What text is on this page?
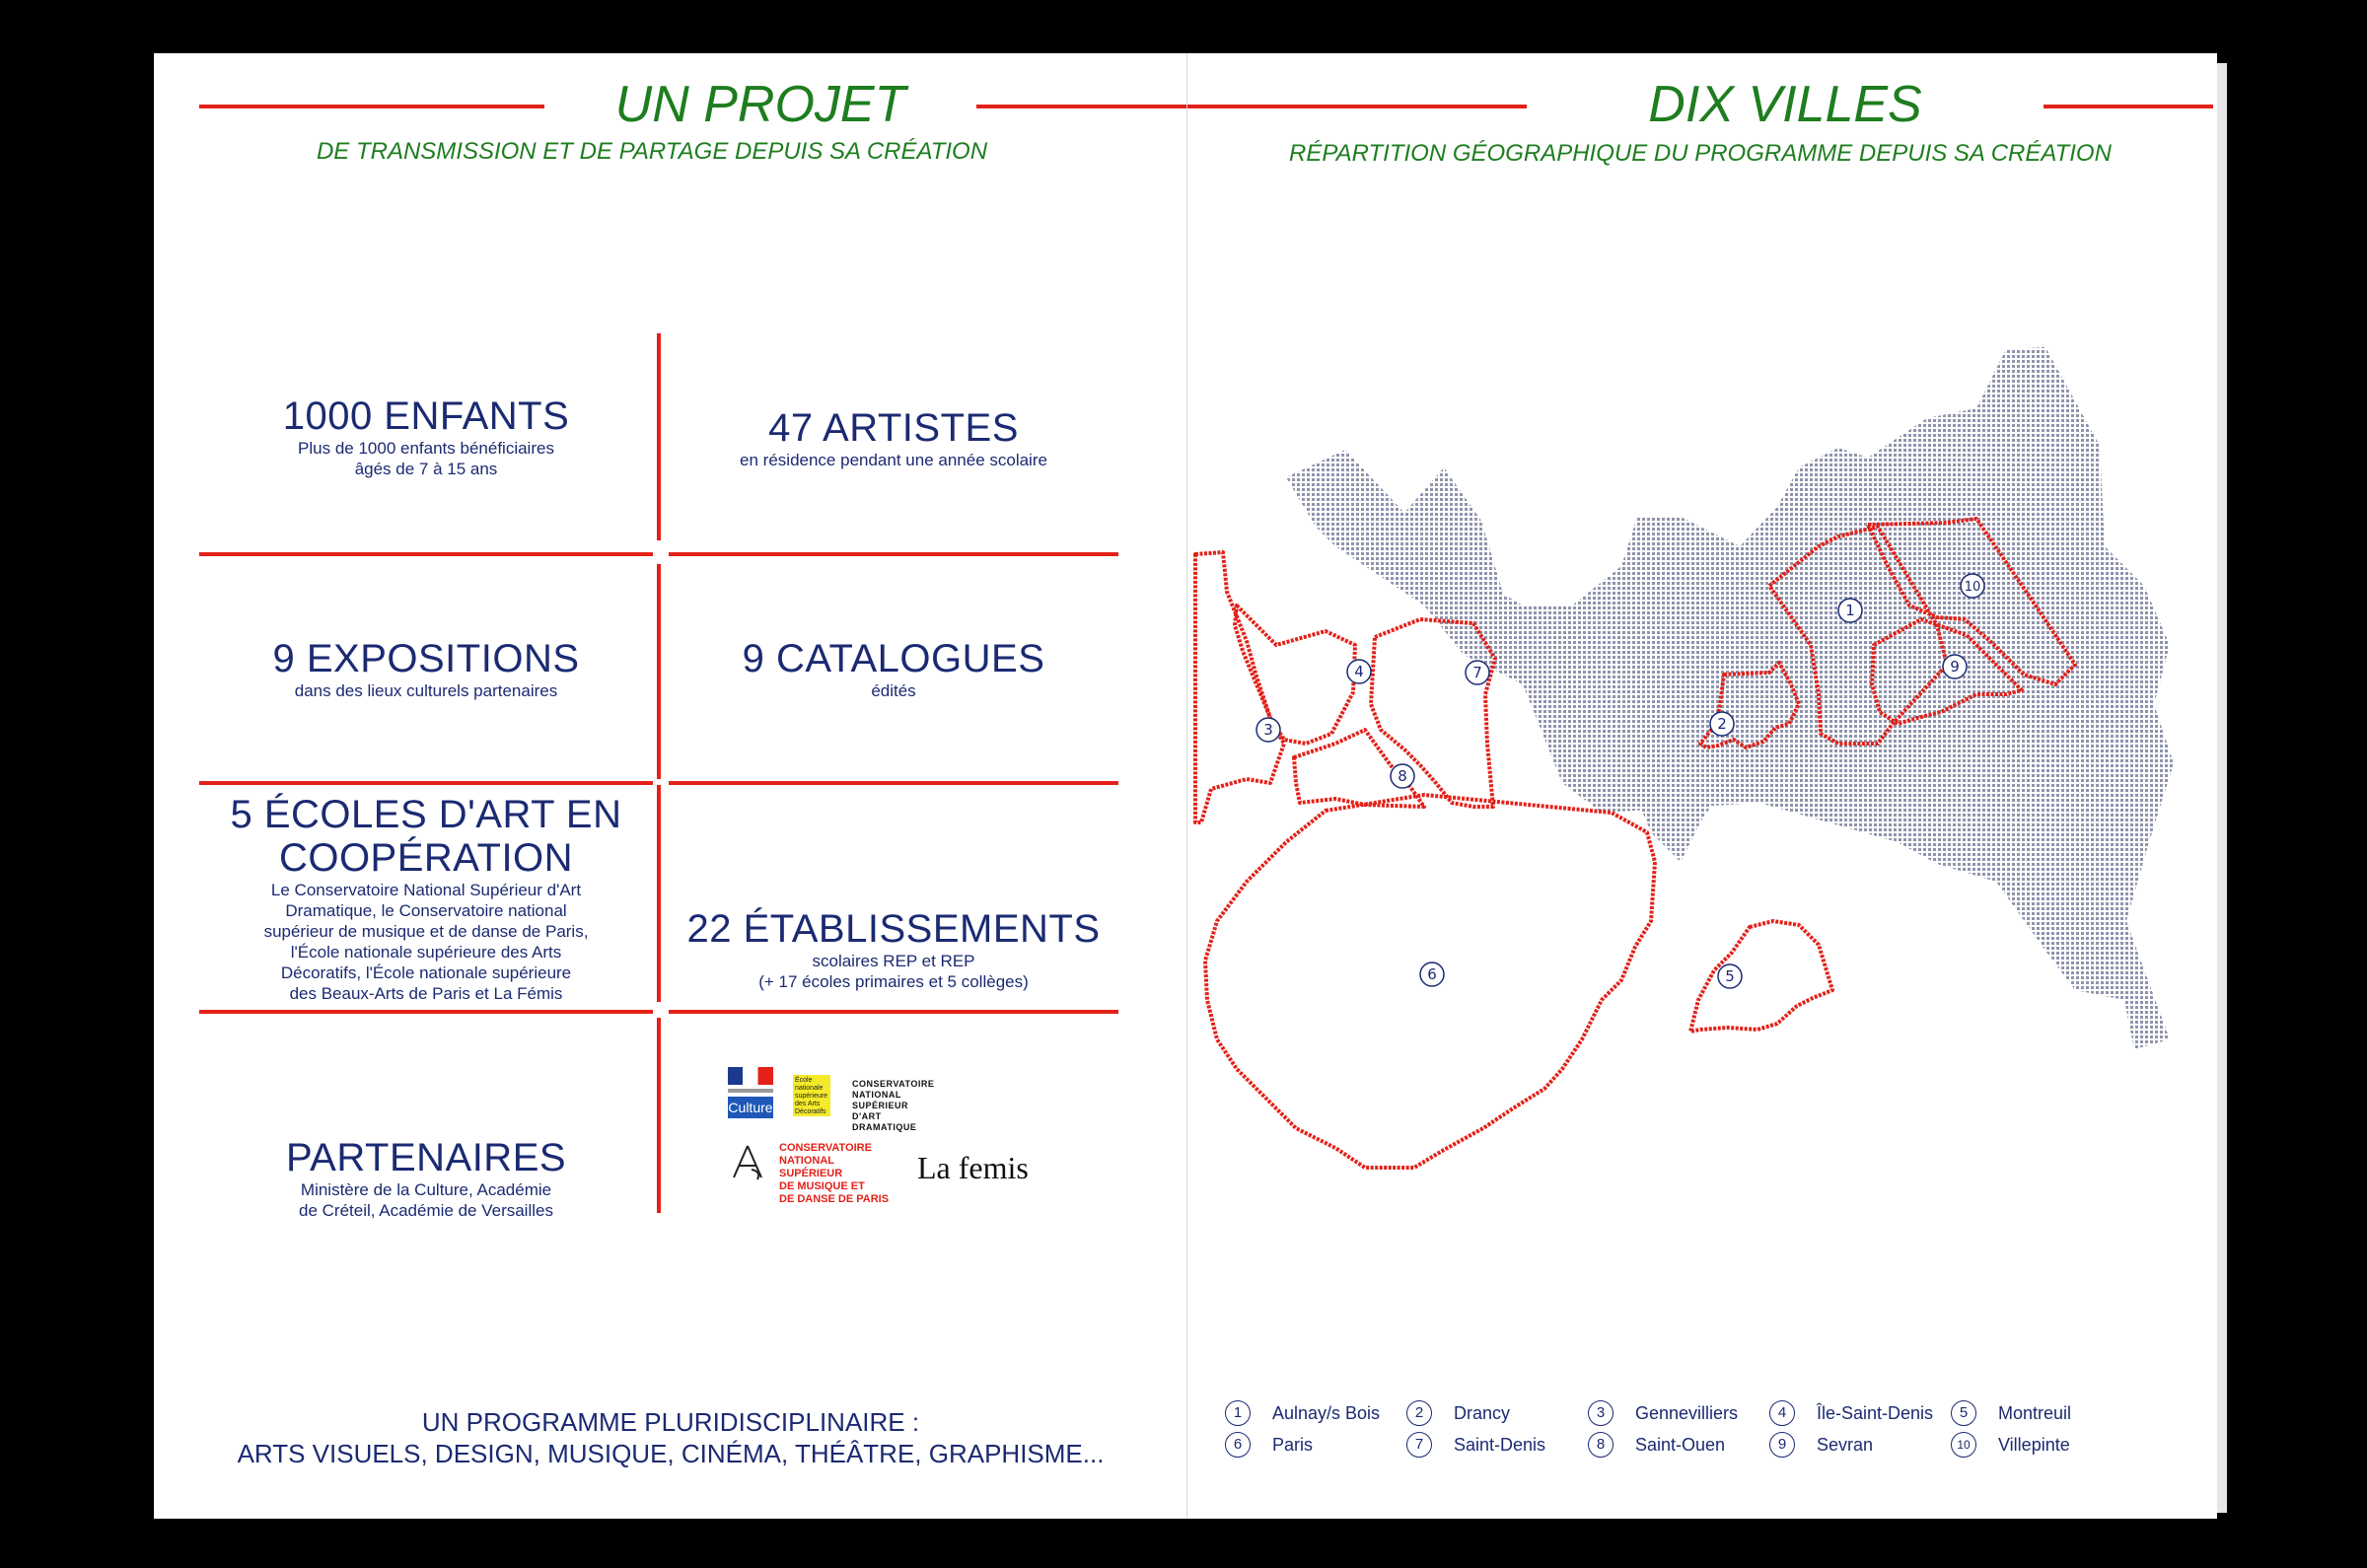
UN PROJET
DE TRANSMISSION ET DE PARTAGE DEPUIS SA CRÉATION
1000 ENFANTS
Plus de 1000 enfants bénéficiaires
âgés de 7 à 15 ans
47 ARTISTES
en résidence pendant une année scolaire
9 EXPOSITIONS
dans des lieux culturels partenaires
9 CATALOGUES
édités
5 ÉCOLES D'ART EN
COOPÉRATION
Le Conservatoire National Supérieur d'Art
Dramatique, le Conservatoire national
supérieur de musique et de danse de Paris,
l'École nationale supérieure des Arts
Décoratifs, l'École nationale supérieure
des Beaux-Arts de Paris et La Fémis
22 ÉTABLISSEMENTS
scolaires REP et REP
(+ 17 écoles primaires et 5 collèges)
PARTENAIRES
Ministère de la Culture, Académie
de Créteil, Académie de Versailles
Culture
École nationale supérieure des Arts Décoratifs
CONSERVATOIRE
NATIONAL
SUPÉRIEUR
D'ART
DRAMATIQUE
CONSERVATOIRE
NATIONAL SUPÉRIEUR
DE MUSIQUE ET
DE DANSE DE PARIS
La femis
UN PROGRAMME PLURIDISCIPLINAIRE :
ARTS VISUELS, DESIGN, MUSIQUE, CINÉMA, THÉÂTRE, GRAPHISME...
DIX VILLES
RÉPARTITION GÉOGRAPHIQUE DU PROGRAMME DEPUIS SA CRÉATION
1
2
3
4
5
6
7
8
9
10
1	Aulnay/s Bois	2	Drancy	3	Gennevilliers	4	Île-Saint-Denis	5	Montreuil
6	Paris	7	Saint-Denis	8	Saint-Ouen	9	Sevran	10	Villepinte
